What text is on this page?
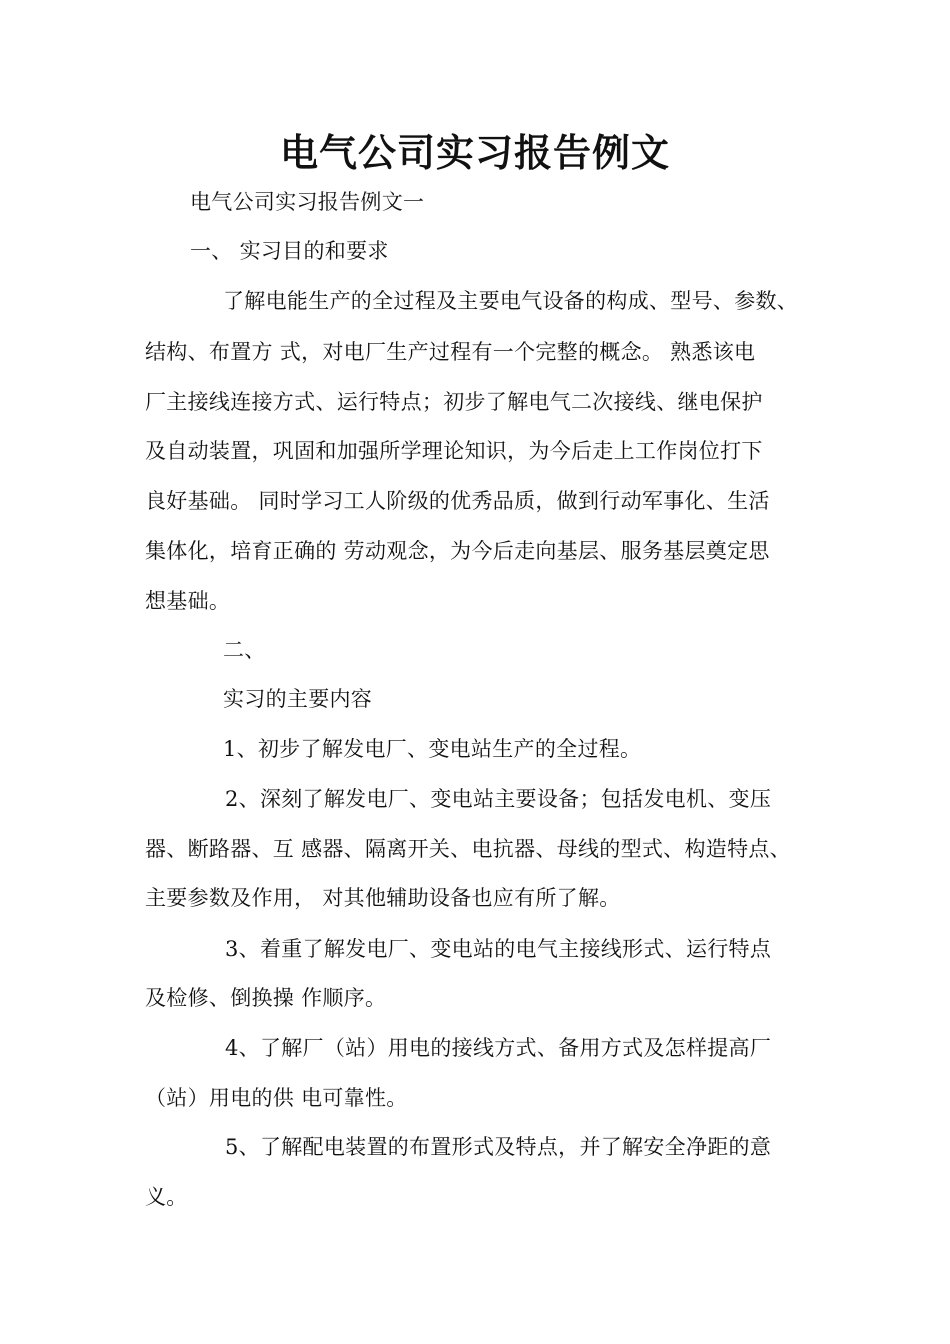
电气公司实习报告例文
电气公司实习报告例文一
一、 实习目的和要求
了解电能生产的全过程及主要电气设备的构成、型号、参数、
结构、布置方 式，对电厂生产过程有一个完整的概念。 熟悉该电
厂主接线连接方式、运行特点；初步了解电气二次接线、继电保护
及自动装置，巩固和加强所学理论知识，为今后走上工作岗位打下
良好基础。 同时学习工人阶级的优秀品质，做到行动军事化、生活
集体化，培育正确的 劳动观念，为今后走向基层、服务基层奠定思
想基础。
二、
实习的主要内容
1、初步了解发电厂、变电站生产的全过程。
2、深刻了解发电厂、变电站主要设备；包括发电机、变压
器、断路器、互 感器、隔离开关、电抗器、母线的型式、构造特点、
主要参数及作用， 对其他辅助设备也应有所了解。
3、着重了解发电厂、变电站的电气主接线形式、运行特点
及检修、倒换操 作顺序。
4、了解厂（站）用电的接线方式、备用方式及怎样提高厂
（站）用电的供 电可靠性。
5、了解配电装置的布置形式及特点，并了解安全净距的意
义。
